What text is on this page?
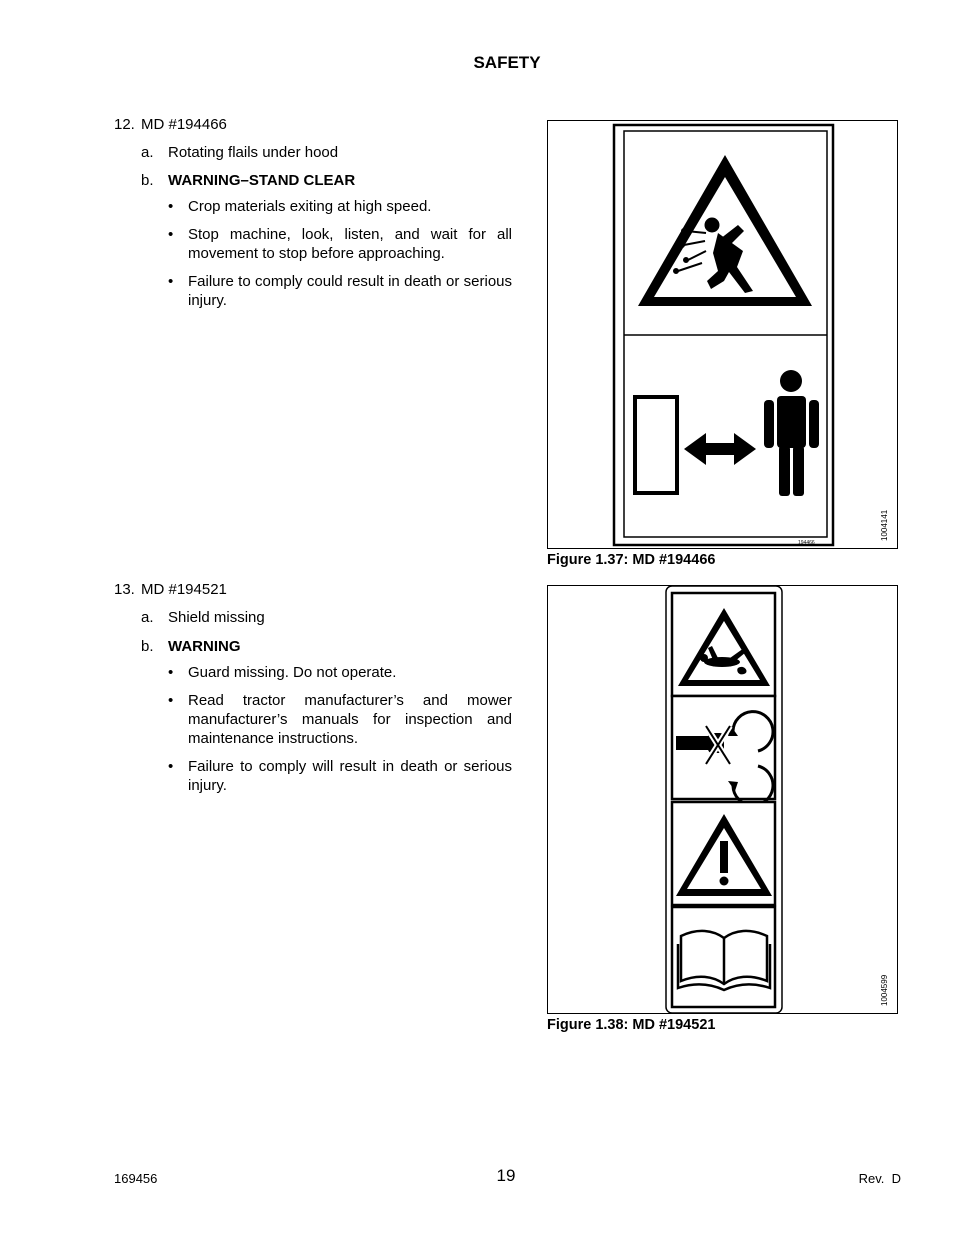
SAFETY
12. MD #194466
a. Rotating flails under hood
b. WARNING–STAND CLEAR
• Crop materials exiting at high speed.
• Stop machine, look, listen, and wait for all movement to stop before approaching.
• Failure to comply could result in death or serious injury.
194466
1004141
Figure 1.37: MD #194466
13. MD #194521
a. Shield missing
b. WARNING
• Guard missing. Do not operate.
• Read tractor manufacturer’s and mower manufacturer’s manuals for inspection and maintenance instructions.
• Failure to comply will result in death or serious injury.
1004599
Figure 1.38: MD #194521
169456	19	Rev.  D
